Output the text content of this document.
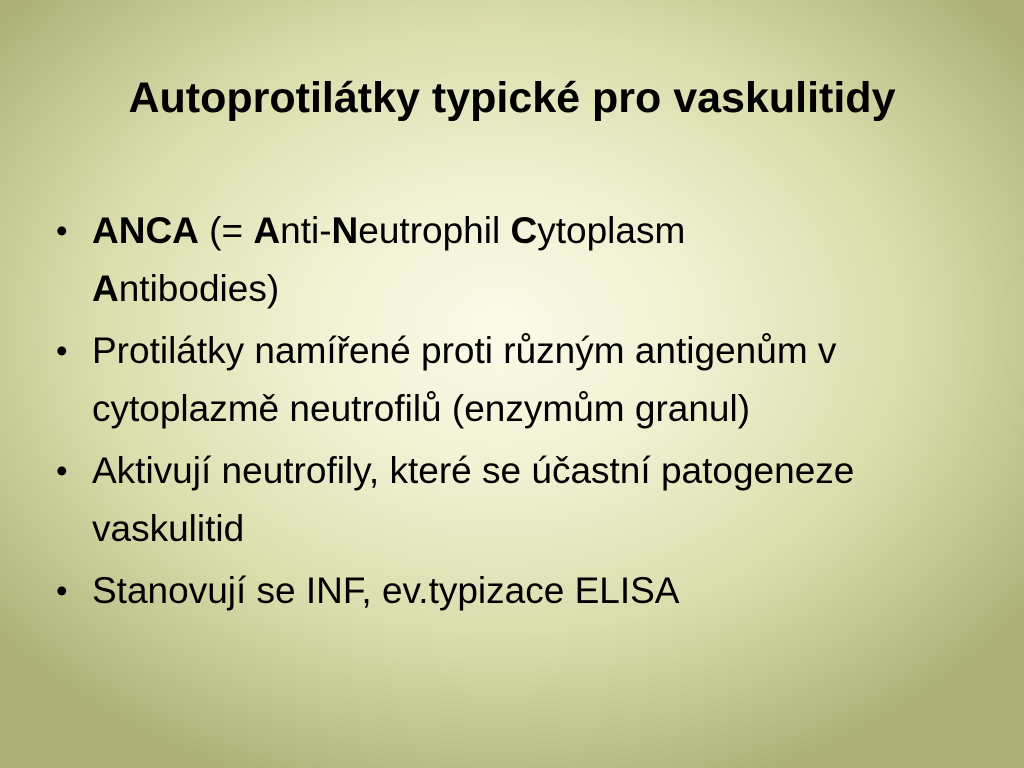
Autoprotilátky typické pro vaskulitidy
• ANCA (= Anti-Neutrophil Cytoplasm
Antibodies)
• Protilátky namířené proti různým antigenům v cytoplazmě neutrofilů (enzymům granul)
• Aktivují neutrofily, které se účastní patogeneze vaskulitid
• Stanovují se INF, ev.typizace ELISA
